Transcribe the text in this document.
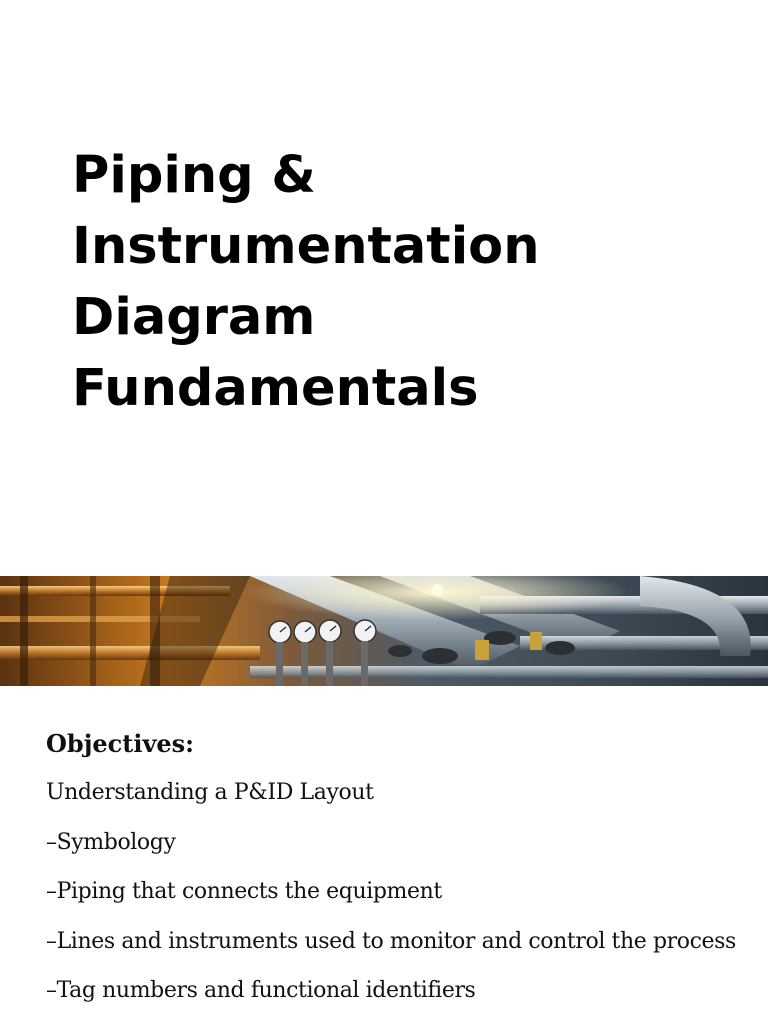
Piping &
Instrumentation
Diagram
Fundamentals
Objectives:
Understanding a P&ID Layout
–Symbology
–Piping that connects the equipment
–Lines and instruments used to monitor and control the process
–Tag numbers and functional identifiers
